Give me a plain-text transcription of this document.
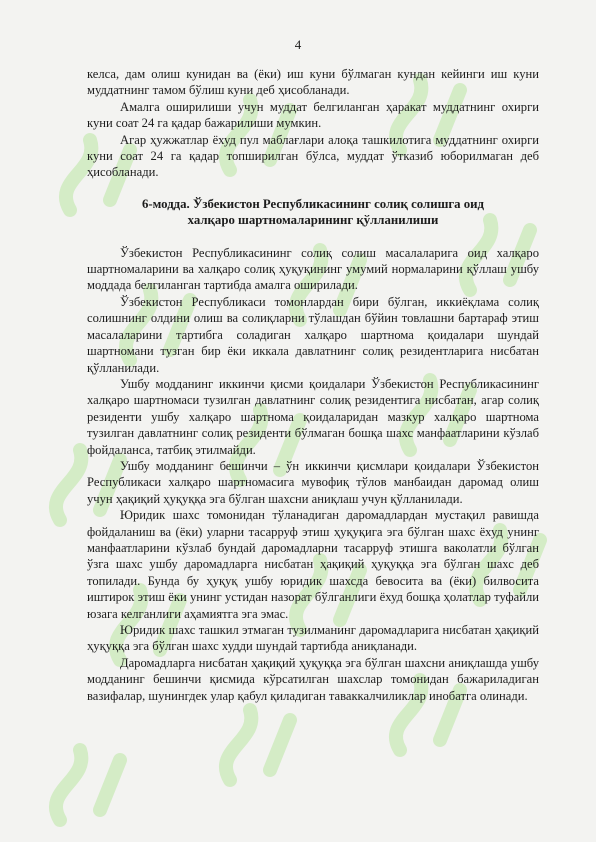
4

келса, дам олиш кунидан ва (ёки) иш куни бўлмаган кундан кейинги иш куни муддатнинг тамом бўлиш куни деб ҳисобланади.

Амалга оширилиши учун муддат белгиланган ҳаракат муддатнинг охирги куни соат 24 га қадар бажарилиши мумкин.

Агар ҳужжатлар ёхуд пул маблағлари алоқа ташкилотига муддатнинг охирги куни соат 24 га қадар топширилган бўлса, муддат ўтказиб юборилмаган деб ҳисобланади.

6-модда. Ўзбекистон Республикасининг солиқ солишга оид
халқаро шартномаларининг қўлланилиши

Ўзбекистон Республикасининг солиқ солиш масалаларига оид халқаро шартномаларини ва халқаро солиқ ҳуқуқининг умумий нормаларини қўллаш ушбу моддада белгиланган тартибда амалга оширилади.

Ўзбекистон Республикаси томонлардан бири бўлган, иккиёқлама солиқ солишнинг олдини олиш ва солиқларни тўлашдан бўйин товлашни бартараф этиш масалаларини тартибга соладиган халқаро шартнома қоидалари шундай шартномани тузган бир ёки иккала давлатнинг солиқ резидентларига нисбатан қўлланилади.

Ушбу модданинг иккинчи қисми қоидалари Ўзбекистон Республикасининг халқаро шартномаси тузилган давлатнинг солиқ резидентига нисбатан, агар солиқ резиденти ушбу халқаро шартнома қоидаларидан мазкур халқаро шартнома тузилган давлатнинг солиқ резиденти бўлмаган бошқа шахс манфаатларини кўзлаб фойдаланса, татбиқ этилмайди.

Ушбу модданинг бешинчи – ўн иккинчи қисмлари қоидалари Ўзбекистон Республикаси халқаро шартномасига мувофиқ тўлов манбаидан даромад олиш учун ҳақиқий ҳуқуққа эга бўлган шахсни аниқлаш учун қўлланилади.

Юридик шахс томонидан тўланадиган даромадлардан мустақил равишда фойдаланиш ва (ёки) уларни тасарруф этиш ҳуқуқига эга бўлган шахс ёхуд унинг манфаатларини кўзлаб бундай даромадларни тасарруф этишга ваколатли бўлган ўзга шахс ушбу даромадларга нисбатан ҳақиқий ҳуқуққа эга бўлган шахс деб топилади. Бунда бу ҳуқуқ ушбу юридик шахсда бевосита ва (ёки) билвосита иштирок этиш ёки унинг устидан назорат бўлганлиги ёхуд бошқа ҳолатлар туфайли юзага келганлиги аҳамиятга эга эмас.

Юридик шахс ташкил этмаган тузилманинг даромадларига нисбатан ҳақиқий ҳуқуққа эга бўлган шахс худди шундай тартибда аниқланади.

Даромадларга нисбатан ҳақиқий ҳуқуққа эга бўлган шахсни аниқлашда ушбу модданинг бешинчи қисмида кўрсатилган шахслар томонидан бажариладиган вазифалар, шунингдек улар қабул қиладиган таваккалчиликлар инобатга олинади.
